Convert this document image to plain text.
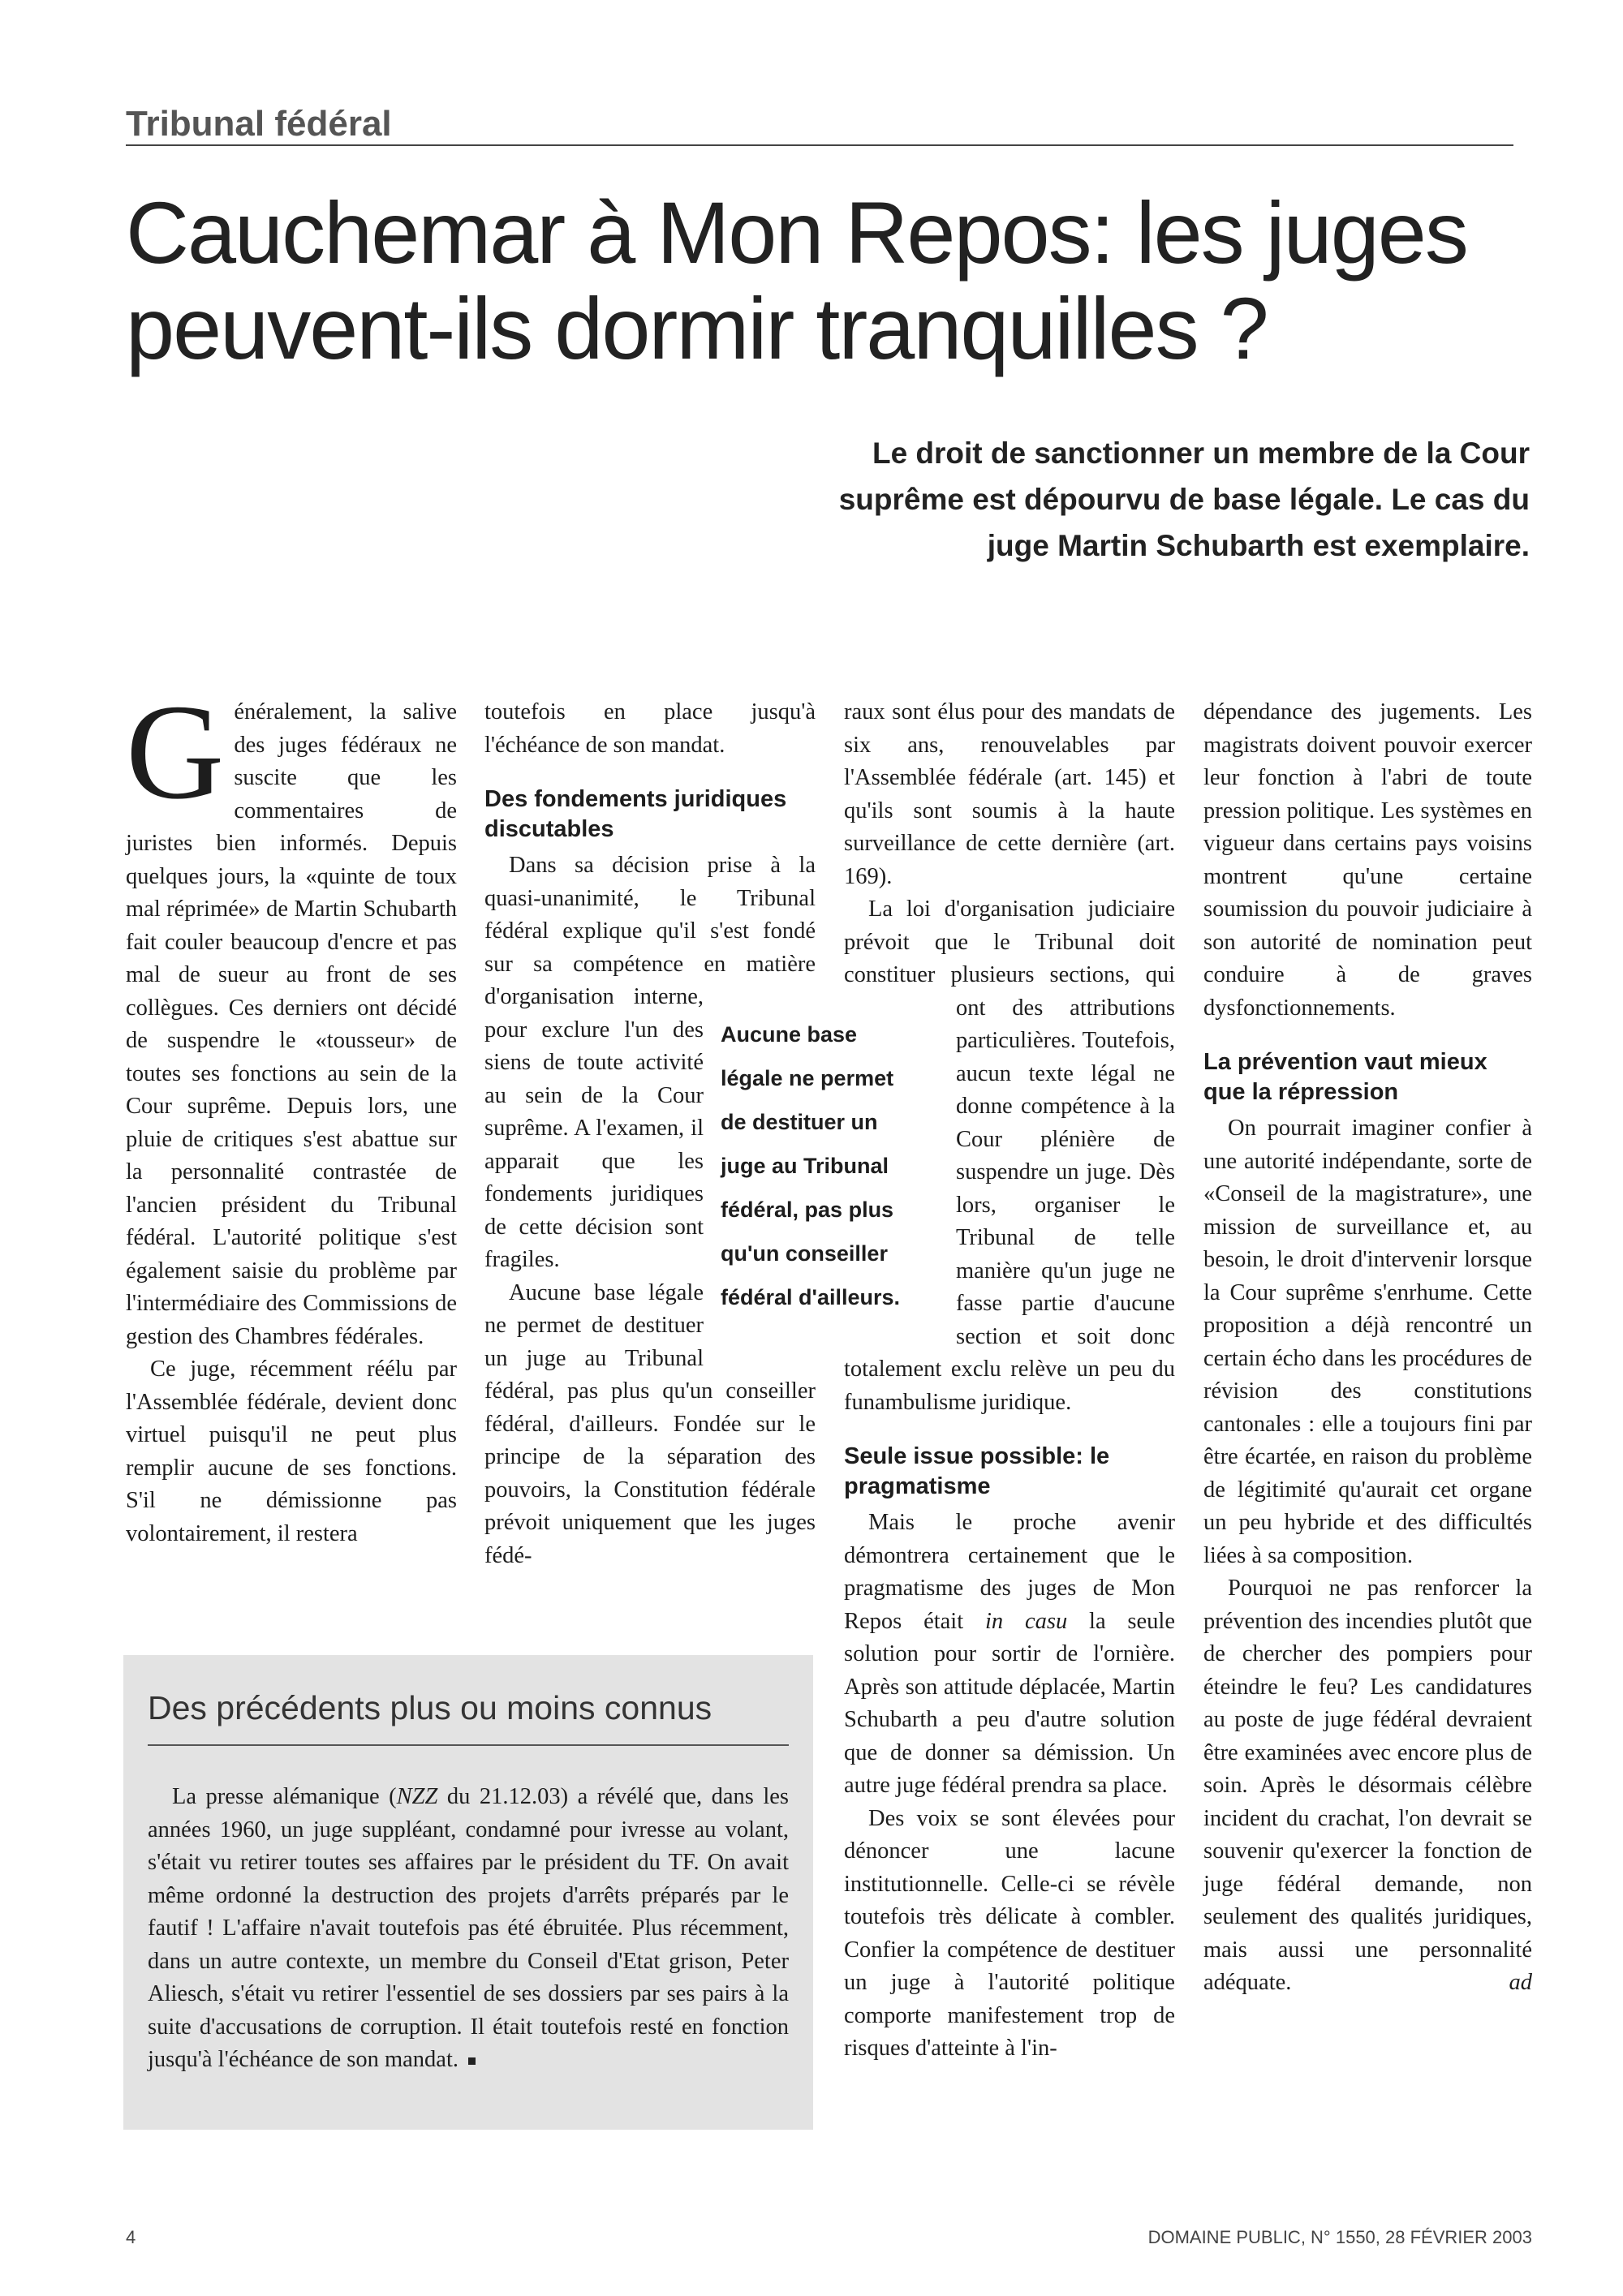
Tribunal fédéral
Cauchemar à Mon Repos: les juges peuvent-ils dormir tranquilles ?
Le droit de sanctionner un membre de la Cour suprême est dépourvu de base légale. Le cas du juge Martin Schubarth est exemplaire.

Généralement, la salive des juges fédéraux ne suscite que les commentaires de juristes bien informés. Depuis quelques jours, la «quinte de toux mal réprimée» de Martin Schubarth fait couler beaucoup d'encre et pas mal de sueur au front de ses collègues. Ces derniers ont décidé de suspendre le «tousseur» de toutes ses fonctions au sein de la Cour suprême. Depuis lors, une pluie de critiques s'est abattue sur la personnalité contrastée de l'ancien président du Tribunal fédéral. L'autorité politique s'est également saisie du problème par l'intermédiaire des Commissions de gestion des Chambres fédérales.

Ce juge, récemment réélu par l'Assemblée fédérale, devient donc virtuel puisqu'il ne peut plus remplir aucune de ses fonctions. S'il ne démissionne pas volontairement, il restera

toutefois en place jusqu'à l'échéance de son mandat.

Des fondements juridiques discutables

Dans sa décision prise à la quasi-unanimité, le Tribunal fédéral explique qu'il s'est fondé sur sa compétence en matière d'organisation interne, pour exclure l'un des siens de toute activité au sein de la Cour suprême. A l'examen, il apparait que les fondements juridiques de cette décision sont fragiles.

Aucune base légale ne permet de destituer un juge au Tribunal fédéral, pas plus qu'un conseiller fédéral, d'ailleurs. Fondée sur le principe de la séparation des pouvoirs, la Constitution fédérale prévoit uniquement que les juges fédé-

raux sont élus pour des mandats de six ans, renouvelables par l'Assemblée fédérale (art. 145) et qu'ils sont soumis à la haute surveillance de cette dernière (art. 169).

La loi d'organisation judiciaire prévoit que le Tribunal doit constituer plusieurs sections, qui ont des attributions particulières. Toutefois, aucun texte légal ne donne compétence à la Cour plénière de suspendre un juge. Dès lors, organiser le Tribunal de telle manière qu'un juge ne fasse partie d'aucune section et soit donc totalement exclu relève un peu du funambulisme juridique.

Seule issue possible: le pragmatisme

Mais le proche avenir démontrera certainement que le pragmatisme des juges de Mon Repos était in casu la seule solution pour sortir de l'ornière. Après son attitude déplacée, Martin Schubarth a peu d'autre solution que de donner sa démission. Un autre juge fédéral prendra sa place.

Des voix se sont élevées pour dénoncer une lacune institutionnelle. Celle-ci se révèle toutefois très délicate à combler. Confier la compétence de destituer un juge à l'autorité politique comporte manifestement trop de risques d'atteinte à l'in-

dépendance des jugements. Les magistrats doivent pouvoir exercer leur fonction à l'abri de toute pression politique. Les systèmes en vigueur dans certains pays voisins montrent qu'une certaine soumission du pouvoir judiciaire à son autorité de nomination peut conduire à de graves dysfonctionnements.

La prévention vaut mieux que la répression

On pourrait imaginer confier à une autorité indépendante, sorte de «Conseil de la magistrature», une mission de surveillance et, au besoin, le droit d'intervenir lorsque la Cour suprême s'enrhume. Cette proposition a déjà rencontré un certain écho dans les procédures de révision des constitutions cantonales : elle a toujours fini par être écartée, en raison du problème de légitimité qu'aurait cet organe un peu hybride et des difficultés liées à sa composition.

Pourquoi ne pas renforcer la prévention des incendies plutôt que de chercher des pompiers pour éteindre le feu? Les candidatures au poste de juge fédéral devraient être examinées avec encore plus de soin. Après le désormais célèbre incident du crachat, l'on devrait se souvenir qu'exercer la fonction de juge fédéral demande, non seulement des qualités juridiques, mais aussi une personnalité adéquate.	ad

Aucune base légale ne permet de destituer un juge au Tribunal fédéral, pas plus qu'un conseiller fédéral d'ailleurs.
Des précédents plus ou moins connus
La presse alémanique (NZZ du 21.12.03) a révélé que, dans les années 1960, un juge suppléant, condamné pour ivresse au volant, s'était vu retirer toutes ses affaires par le président du TF. On avait même ordonné la destruction des projets d'arrêts préparés par le fautif ! L'affaire n'avait toutefois pas été ébruitée. Plus récemment, dans un autre contexte, un membre du Conseil d'Etat grison, Peter Aliesch, s'était vu retirer l'essentiel de ses dossiers par ses pairs à la suite d'accusations de corruption. Il était toutefois resté en fonction jusqu'à l'échéance de son mandat.
4	DOMAINE PUBLIC, N° 1550, 28 FÉVRIER 2003
